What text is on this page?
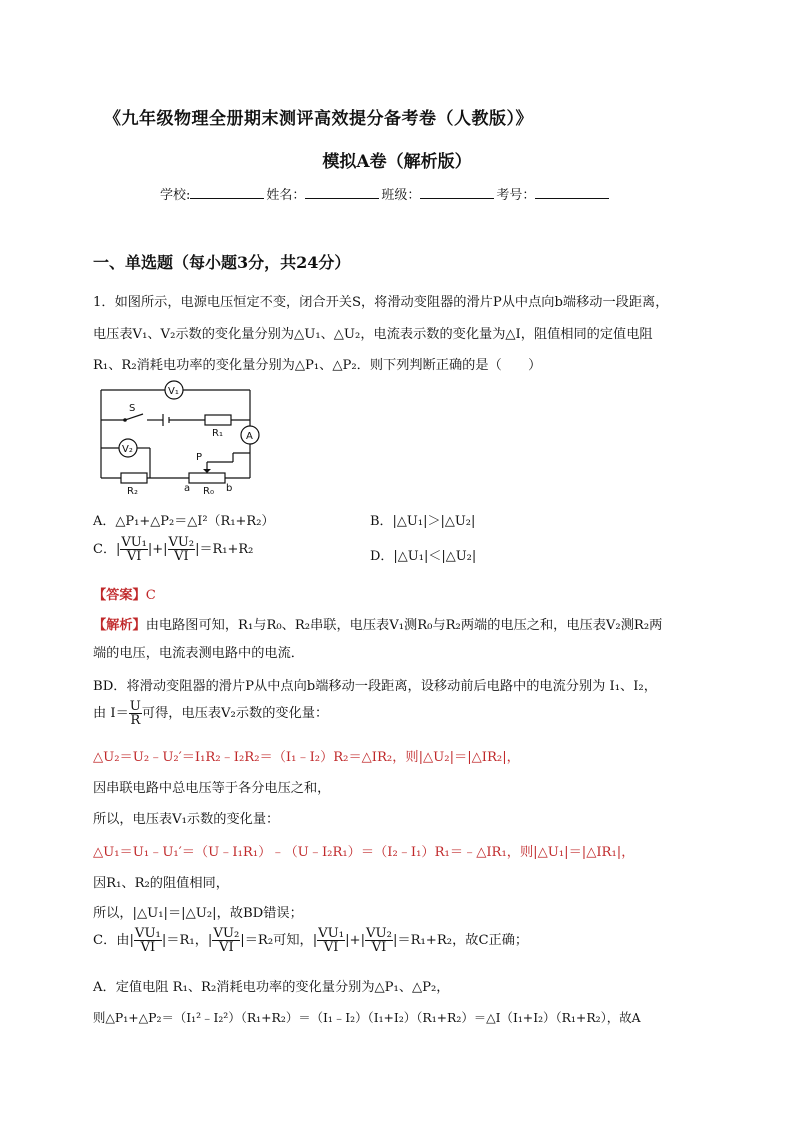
《九年级物理全册期末测评高效提分备考卷（人教版）》
模拟A卷（解析版）
学校:	姓名：	班级：	考号：
一、单选题（每小题3分，共24分）
1．如图所示，电源电压恒定不变，闭合开关S，将滑动变阻器的滑片P从中点向b端移动一段距离，
电压表V₁、V₂示数的变化量分别为△U₁、△U₂，电流表示数的变化量为△I，阻值相同的定值电阻
R₁、R₂消耗电功率的变化量分别为△P₁、△P₂．则下列判断正确的是（　　）
V₁
V₂
A
S
R₁
R₂	R₀
P
a	b
A．△P₁+△P₂＝△I²（R₁+R₂）	B．|△U₁|＞|△U₂|
C．| $\frac{\text{VU₁}}{VI}$ |+| $\frac{\text{VU₂}}{VI} |=R_1+R_2$	D．|△U₁|＜|△U₂|
【答案】C
【解析】由电路图可知，R₁与R₀、R₂串联，电压表V₁测R₀与R₂两端的电压之和，电压表V₂测R₂两
端的电压，电流表测电路中的电流．
BD．将滑动变阻器的滑片P从中点向b端移动一段距离，设移动前后电路中的电流分别为 I₁、I₂，
由 $I= \frac{U}{R}$ 可得，电压表V₂示数的变化量：
△U₂＝U₂﹣U₂′＝I₁R₂﹣I₂R₂＝（I₁﹣I₂）R₂＝△IR₂，则|△U₂|＝|△IR₂|，
因串联电路中总电压等于各分电压之和，
所以，电压表V₁示数的变化量：
△U₁＝U₁﹣U₁′＝（U﹣I₁R₁）﹣（U﹣I₂R₁）＝（I₂﹣I₁）R₁＝﹣△IR₁，则|△U₁|＝|△IR₁|，
因R₁、R₂的阻值相同，
所以，|△U₁|＝|△U₂|，故BD错误；
C．由| $\frac{\text{VU₁}}{VI} |=R_1$，| $\frac{\text{VU₂}}{VI} |=R_2$可知，| $\frac{\text{VU₁}}{VI}$ |+| $\frac{\text{VU₂}}{VI} |=R_1+R_2$，故C正确；
A．定值电阻 R₁、R₂消耗电功率的变化量分别为△P₁、△P₂，
则△P₁+△P₂＝（I₁²﹣I₂²）（R₁+R₂）＝（I₁﹣I₂）（I₁+I₂）（R₁+R₂）＝△I（I₁+I₂）（R₁+R₂），故A
